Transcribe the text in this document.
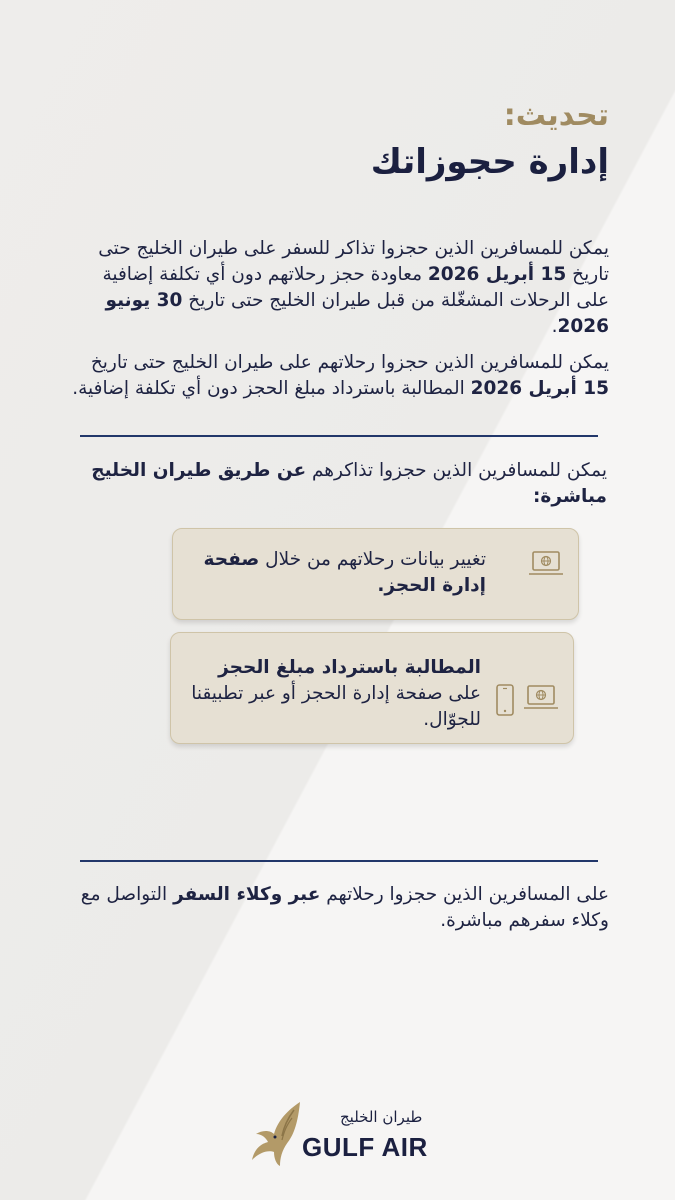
تحديث:
إدارة حجوزاتك
يمكن للمسافرين الذين حجزوا تذاكر للسفر على طيران الخليج حتى تاريخ 15 أبريل 2026 معاودة حجز رحلاتهم دون أي تكلفة إضافية على الرحلات المشغّلة من قبل طيران الخليج حتى تاريخ 30 يونيو 2026.
يمكن للمسافرين الذين حجزوا رحلاتهم على طيران الخليج حتى تاريخ 15 أبريل 2026 المطالبة باسترداد مبلغ الحجز دون أي تكلفة إضافية.
يمكن للمسافرين الذين حجزوا تذاكرهم عن طريق طيران الخليج مباشرة:
تغيير بيانات رحلاتهم من خلال صفحة إدارة الحجز.
المطالبة باسترداد مبلغ الحجز على صفحة إدارة الحجز أو عبر تطبيقنا للجوّال.
على المسافرين الذين حجزوا رحلاتهم عبر وكلاء السفر التواصل مع وكلاء سفرهم مباشرة.
طيران الخليج
GULF AIR
